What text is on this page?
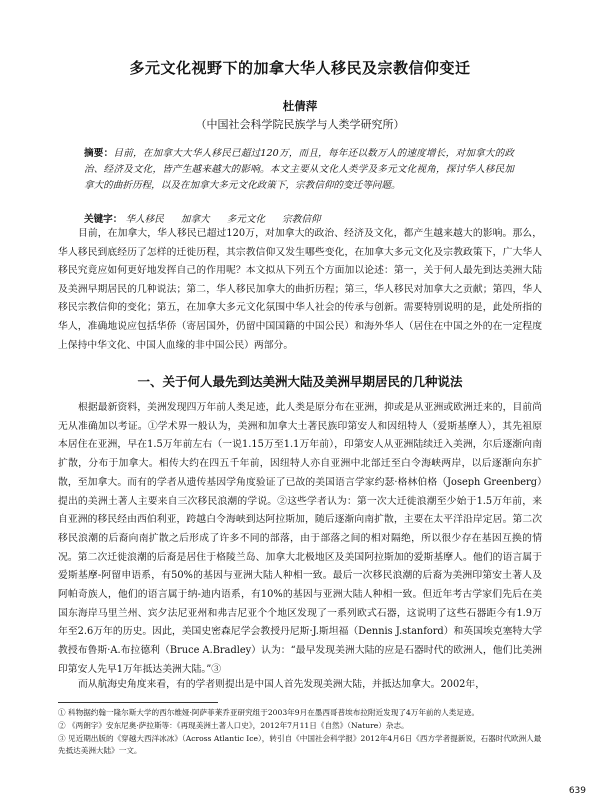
多元文化视野下的加拿大华人移民及宗教信仰变迁
杜倩萍
（中国社会科学院民族学与人类学研究所）
摘要：目前，在加拿大大华人移民已超过120万，而且，每年还以数万人的速度增长，对加拿大的政治、经济及文化，皆产生越来越大的影响。本文主要从文化人类学及多元文化视角，探讨华人移民加拿大的曲折历程，以及在加拿大多元文化政策下，宗教信仰的变迁等问题。
关键字： 华人移民 加拿大 多元文化 宗教信仰

目前，在加拿大，华人移民已超过120万，对加拿大的政治、经济及文化，都产生越来越大的影响。那么，华人移民到底经历了怎样的迁徙历程，其宗教信仰又发生哪些变化，在加拿大多元文化及宗教政策下，广大华人移民究竟应如何更好地发挥自己的作用呢？本文拟从下列五个方面加以论述：第一，关于何人最先到达美洲大陆及美洲早期居民的几种说法；第二，华人移民加拿大的曲折历程；第三，华人移民对加拿大之贡献；第四，华人移民宗教信仰的变化；第五，在加拿大多元文化氛围中华人社会的传承与创新。需要特别说明的是，此处所指的华人，准确地说应包括华侨（寄居国外，仍留中国国籍的中国公民）和海外华人（居住在中国之外的在一定程度上保持中华文化、中国人血缘的非中国公民）两部分。

一、关于何人最先到达美洲大陆及美洲早期居民的几种说法

根据最新资料，美洲发现四万年前人类足迹，此人类是原分布在亚洲，抑或是从亚洲或欧洲迁来的，目前尚无从准确加以考证。①学术界一般认为，美洲和加拿大土著民族印第安人和因纽特人（爱斯基摩人），其先祖原本居住在亚洲，早在1.5万年前左右（一说1.15万至1.1万年前），印第安人从亚洲陆续迁入美洲，尔后逐渐向南扩散，分布于加拿大。相传大约在四五千年前，因纽特人亦自亚洲中北部迁至白令海峡两岸，以后逐渐向东扩散，至加拿大。而有的学者从遗传基因学角度验证了已故的美国语言学家约瑟·格林伯格（Joseph Greenberg）提出的美洲土著人主要来自三次移民浪潮的学说。②这些学者认为：第一次大迁徙浪潮至少始于1.5万年前，来自亚洲的移民经由西伯利亚，跨越白令海峡到达阿拉斯加，随后逐渐向南扩散，主要在太平洋沿岸定居。第二次移民浪潮的后裔向南扩散之后形成了许多不同的部落，由于部落之间的相对隔绝，所以很少存在基因互换的情况。第二次迁徙浪潮的后裔是居住于格陵兰岛、加拿大北极地区及美国阿拉斯加的爱斯基摩人。他们的语言属于爱斯基摩-阿留申语系，有50%的基因与亚洲大陆人种相一致。最后一次移民浪潮的后裔为美洲印第安土著人及阿帕奇族人，他们的语言属于纳-迪内语系，有10%的基因与亚洲大陆人种相一致。但近年考古学家们先后在美国东海岸马里兰州、宾夕法尼亚州和弗吉尼亚个个地区发现了一系列欧式石器，这说明了这些石器距今有1.9万年至2.6万年的历史。因此，美国史密森尼学会教授丹尼斯·J.斯坦福（Dennis J.stanford）和英国埃克塞特大学教授布鲁斯·A.布拉德利（Bruce A.Bradley）认为：“最早发现美洲大陆的应是石器时代的欧洲人，他们比美洲印第安人先早1万年抵达美洲大陆。”③

而从航海史角度来看，有的学者则提出是中国人首先发现美洲大陆，并抵达加拿大。2002年，

① 科物据约翰一隆尔斯大学的西尔维娅·阿萨菲莱乔亚研究组于2003年9月在墨西哥普埃布拉附近发现了4万年前的人类足迹。

② 《两朗字》安东尼奥·萨拉斯等：《再现美洲土著人口史》，2012年7月11日《自然》（Nature）杂志。

③ 见近期出版的《穿越大西洋冰冰》（Across Atlantic Ice），转引自《中国社会科学报》2012年4月6日《西方学者提新说，石器时代欧洲人最先抵达美洲大陆》一文。

639
